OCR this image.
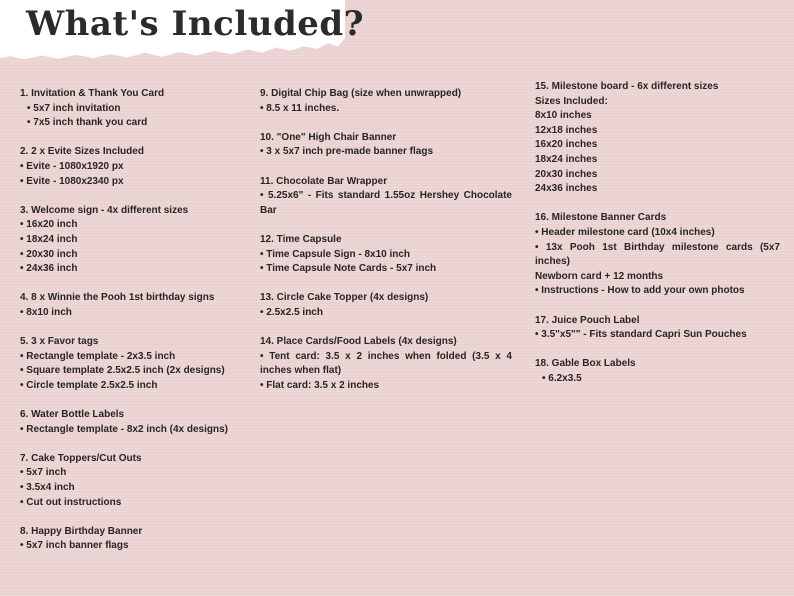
What's Included?
1. Invitation & Thank You Card
• 5x7 inch invitation
• 7x5 inch thank you card
2. 2 x Evite Sizes Included
• Evite - 1080x1920 px
• Evite - 1080x2340 px
3. Welcome sign - 4x different sizes
• 16x20 inch
• 18x24 inch
• 20x30 inch
• 24x36 inch
4. 8 x Winnie the Pooh 1st birthday signs
• 8x10 inch
5. 3 x Favor tags
• Rectangle template - 2x3.5 inch
• Square template 2.5x2.5 inch (2x designs)
• Circle template 2.5x2.5 inch
6. Water Bottle Labels
• Rectangle template - 8x2 inch (4x designs)
7. Cake Toppers/Cut Outs
• 5x7 inch
• 3.5x4 inch
• Cut out instructions
8. Happy Birthday Banner
• 5x7 inch banner flags
9. Digital Chip Bag (size when unwrapped)
• 8.5 x 11 inches.
10. "One" High Chair Banner
• 3 x 5x7 inch pre-made banner flags
11. Chocolate Bar Wrapper
• 5.25x6" - Fits standard 1.55oz Hershey Chocolate Bar
12. Time Capsule
• Time Capsule Sign - 8x10 inch
• Time Capsule Note Cards - 5x7 inch
13. Circle Cake Topper (4x designs)
• 2.5x2.5 inch
14. Place Cards/Food Labels (4x designs)
• Tent card: 3.5 x 2 inches when folded (3.5 x 4 inches when flat)
• Flat card: 3.5 x 2 inches
15. Milestone board - 6x different sizes
Sizes Included:
8x10 inches
12x18 inches
16x20 inches
18x24 inches
20x30 inches
24x36 inches
16. Milestone Banner Cards
• Header milestone card (10x4 inches)
• 13x Pooh 1st Birthday milestone cards (5x7 inches)
Newborn card + 12 months
• Instructions - How to add your own photos
17. Juice Pouch Label
• 3.5"x5"" - Fits standard Capri Sun Pouches
18. Gable Box Labels
• 6.2x3.5
